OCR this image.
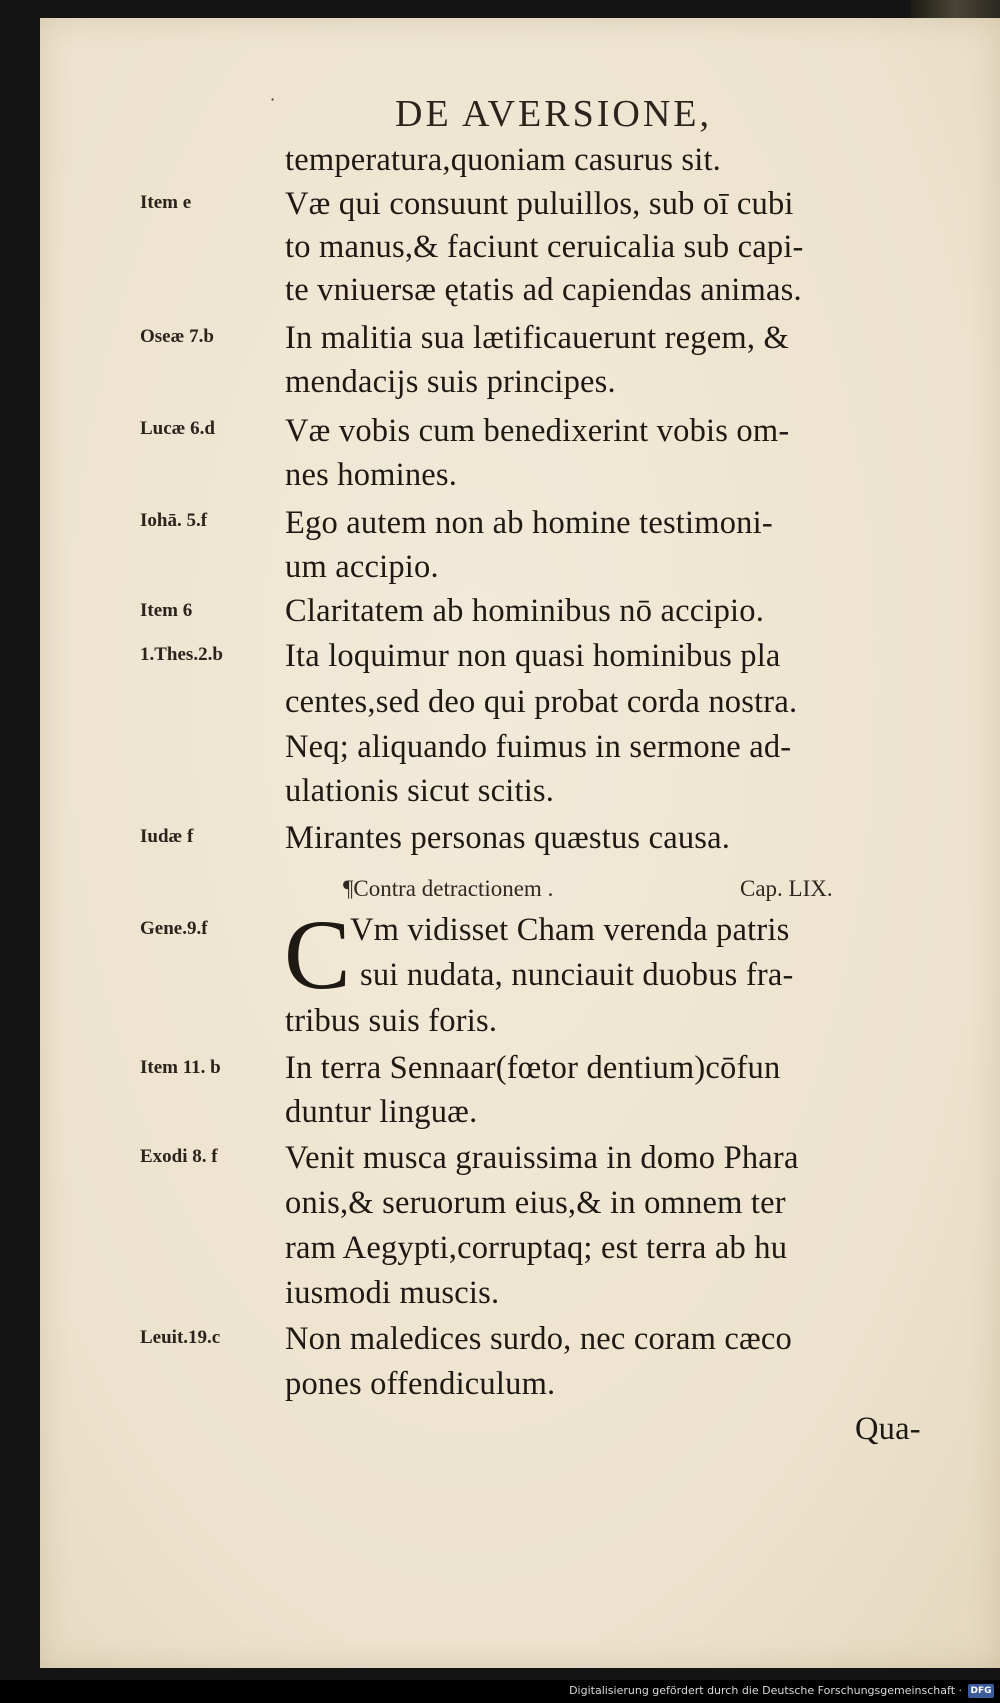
·	DE AVERSIONE,
temperatura,quoniam casurus sit.
Væ qui consuunt puluillos, sub oī cubi
to manus,& faciunt ceruicalia sub capi-
te vniuersæ ętatis ad capiendas animas.
In malitia sua lætificauerunt regem, &
mendacijs suis principes.
Væ vobis cum benedixerint vobis om-
nes homines.
Ego autem non ab homine testimoni-
um accipio.
Claritatem ab hominibus nō accipio.
Ita loquimur non quasi hominibus pla
centes,sed deo qui probat corda nostra.
Neq; aliquando fuimus in sermone ad-
ulationis sicut scitis.
Mirantes personas quæstus causa.
¶Contra detractionem .	Cap. LIX.
C Vm vidisset Cham verenda patris
sui nudata, nunciauit duobus fra-
tribus suis foris.
In terra Sennaar(fœtor dentium)cōfun
duntur linguæ.
Venit musca grauissima in domo Phara
onis,& seruorum eius,& in omnem ter
ram Aegypti,corruptaq; est terra ab hu
iusmodi muscis.
Non maledices surdo, nec coram cæco
pones offendiculum.
Qua-
Item e
Oseæ 7.b
Lucæ 6.d
Iohā. 5.f
Item 6
1.Thes.2.b
Iudæ f
Gene.9.f
Item 11. b
Exodi 8. f
Leuit.19.c
Digitalisierung gefördert durch die Deutsche Forschungsgemeinschaft · DFG
